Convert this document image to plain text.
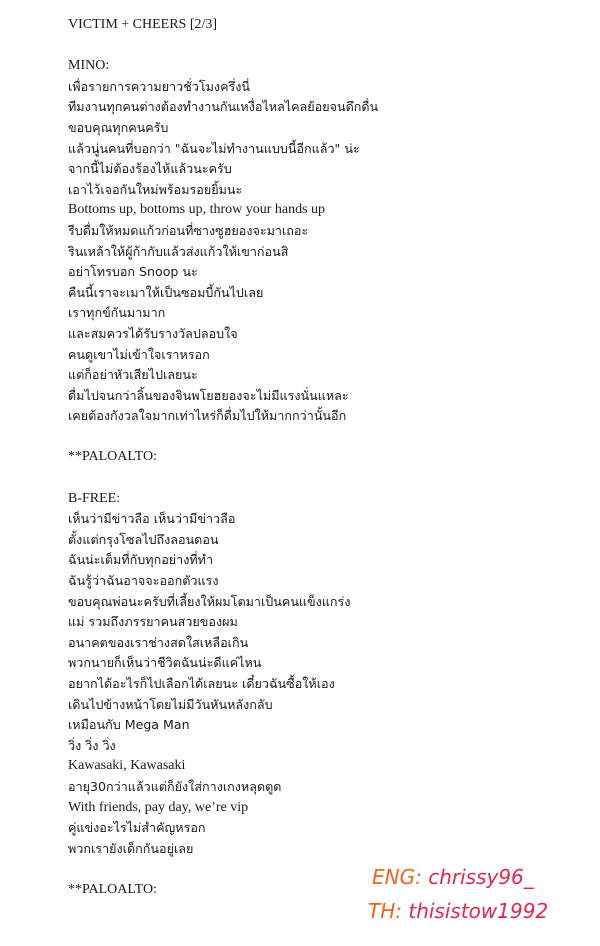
VICTIM + CHEERS [2/3]
MINO:
เพื่อรายการความยาวชั่วโมงครึ่งนี่
ทีมงานทุกคนต่างต้องทำงานกันเหงื่อไหลไคลย้อยจนดึกดื่น
ขอบคุณทุกคนครับ
แล้วนู่นคนที่บอกว่า "ฉันจะไม่ทำงานแบบนี้อีกแล้ว" น่ะ
จากนี้ไม่ต้องร้องไห้แล้วนะครับ
เอาไว้เจอกันใหม่พร้อมรอยยิ้มนะ
Bottoms up, bottoms up, throw your hands up
รีบดื่มให้หมดแก้วก่อนที่ซางซูฮยองจะมาเถอะ
รินเหล้าให้ผู้ก้ากับแล้วส่งแก้วให้เขาก่อนสิ
อย่าโทรบอก Snoop นะ
คืนนี้เราจะเมาให้เป็นซอมบี้กันไปเลย
เราทุกข์กันมามาก
และสมควรได้รับรางวัลปลอบใจ
คนดูเขาไม่เข้าใจเราหรอก
แต่ก็อย่าหัวเสียไปเลยนะ
ดื่มไปจนกว่าลิ้นของจินพโยฮยองจะไม่มีแรงนั่นแหละ
เคยต้องกังวลใจมากเท่าไหร่ก็ดื่มไปให้มากกว่านั้นอีก
**PALOALTO:
B-FREE:
เห็นว่ามีข่าวลือ เห็นว่ามีข่าวลือ
ตั้งแต่กรุงโซลไปถึงลอนดอน
ฉันน่ะเต็มที่กับทุกอย่างที่ทำ
ฉันรู้ว่าฉันอาจจะออกตัวแรง
ขอบคุณพ่อนะครับที่เลี้ยงให้ผมโตมาเป็นคนแข็งแกร่ง
แม่ รวมถึงภรรยาคนสวยของผม
อนาคตของเราช่างสดใสเหลือเกิน
พวกนายก็เห็นว่าชีวิตฉันน่ะดีแค่ไหน
อยากได้อะไรก็ไปเลือกได้เลยนะ เดี๋ยวฉันซื้อให้เอง
เดินไปข้างหน้าโดยไม่มีวันหันหลังกลับ
เหมือนกับ Mega Man
วิ่ง วิ่ง วิ่ง
Kawasaki, Kawasaki
อายุ30กว่าแล้วแต่ก็ยังใส่กางเกงหลุดตูด
With friends, pay day, we’re vip
คู่แข่งอะไรไม่สำคัญหรอก
พวกเรายังเด็กกันอยู่เลย
**PALOALTO:
ENG: chrissy96_
TH: thisistow1992
